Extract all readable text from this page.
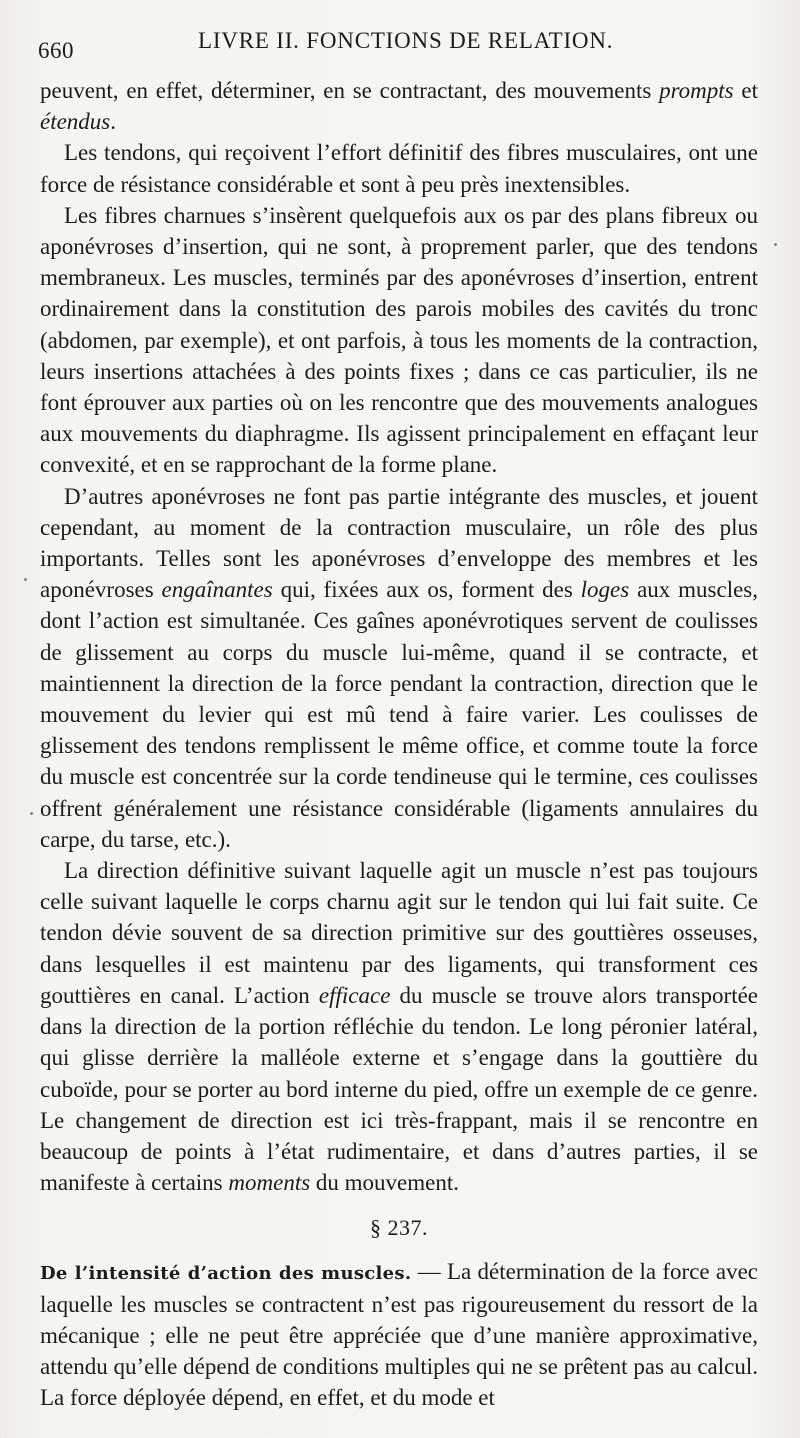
660	LIVRE II. FONCTIONS DE RELATION.

peuvent, en effet, déterminer, en se contractant, des mouvements prompts et étendus.

Les tendons, qui reçoivent l’effort définitif des fibres musculaires, ont une force de résistance considérable et sont à peu près inextensibles.

Les fibres charnues s’insèrent quelquefois aux os par des plans fibreux ou aponévroses d’insertion, qui ne sont, à proprement parler, que des tendons membraneux. Les muscles, terminés par des aponévroses d’insertion, entrent ordinairement dans la constitution des parois mobiles des cavités du tronc (abdomen, par exemple), et ont parfois, à tous les moments de la contraction, leurs insertions attachées à des points fixes ; dans ce cas particulier, ils ne font éprouver aux parties où on les rencontre que des mouvements analogues aux mouvements du diaphragme. Ils agissent principalement en effaçant leur convexité, et en se rapprochant de la forme plane.

D’autres aponévroses ne font pas partie intégrante des muscles, et jouent cependant, au moment de la contraction musculaire, un rôle des plus importants. Telles sont les aponévroses d’enveloppe des membres et les aponévroses engaînantes qui, fixées aux os, forment des loges aux muscles, dont l’action est simultanée. Ces gaînes aponévrotiques servent de coulisses de glissement au corps du muscle lui-même, quand il se contracte, et maintiennent la direction de la force pendant la contraction, direction que le mouvement du levier qui est mû tend à faire varier. Les coulisses de glissement des tendons remplissent le même office, et comme toute la force du muscle est concentrée sur la corde tendineuse qui le termine, ces coulisses offrent généralement une résistance considérable (ligaments annulaires du carpe, du tarse, etc.).

La direction définitive suivant laquelle agit un muscle n’est pas toujours celle suivant laquelle le corps charnu agit sur le tendon qui lui fait suite. Ce tendon dévie souvent de sa direction primitive sur des gouttières osseuses, dans lesquelles il est maintenu par des ligaments, qui transforment ces gouttières en canal. L’action efficace du muscle se trouve alors transportée dans la direction de la portion réfléchie du tendon. Le long péronier latéral, qui glisse derrière la malléole externe et s’engage dans la gouttière du cuboïde, pour se porter au bord interne du pied, offre un exemple de ce genre. Le changement de direction est ici très-frappant, mais il se rencontre en beaucoup de points à l’état rudimentaire, et dans d’autres parties, il se manifeste à certains moments du mouvement.

§ 237.

De l’intensité d’action des muscles. — La détermination de la force avec laquelle les muscles se contractent n’est pas rigoureusement du ressort de la mécanique ; elle ne peut être appréciée que d’une manière approximative, attendu qu’elle dépend de conditions multiples qui ne se prêtent pas au calcul. La force déployée dépend, en effet, et du mode et
